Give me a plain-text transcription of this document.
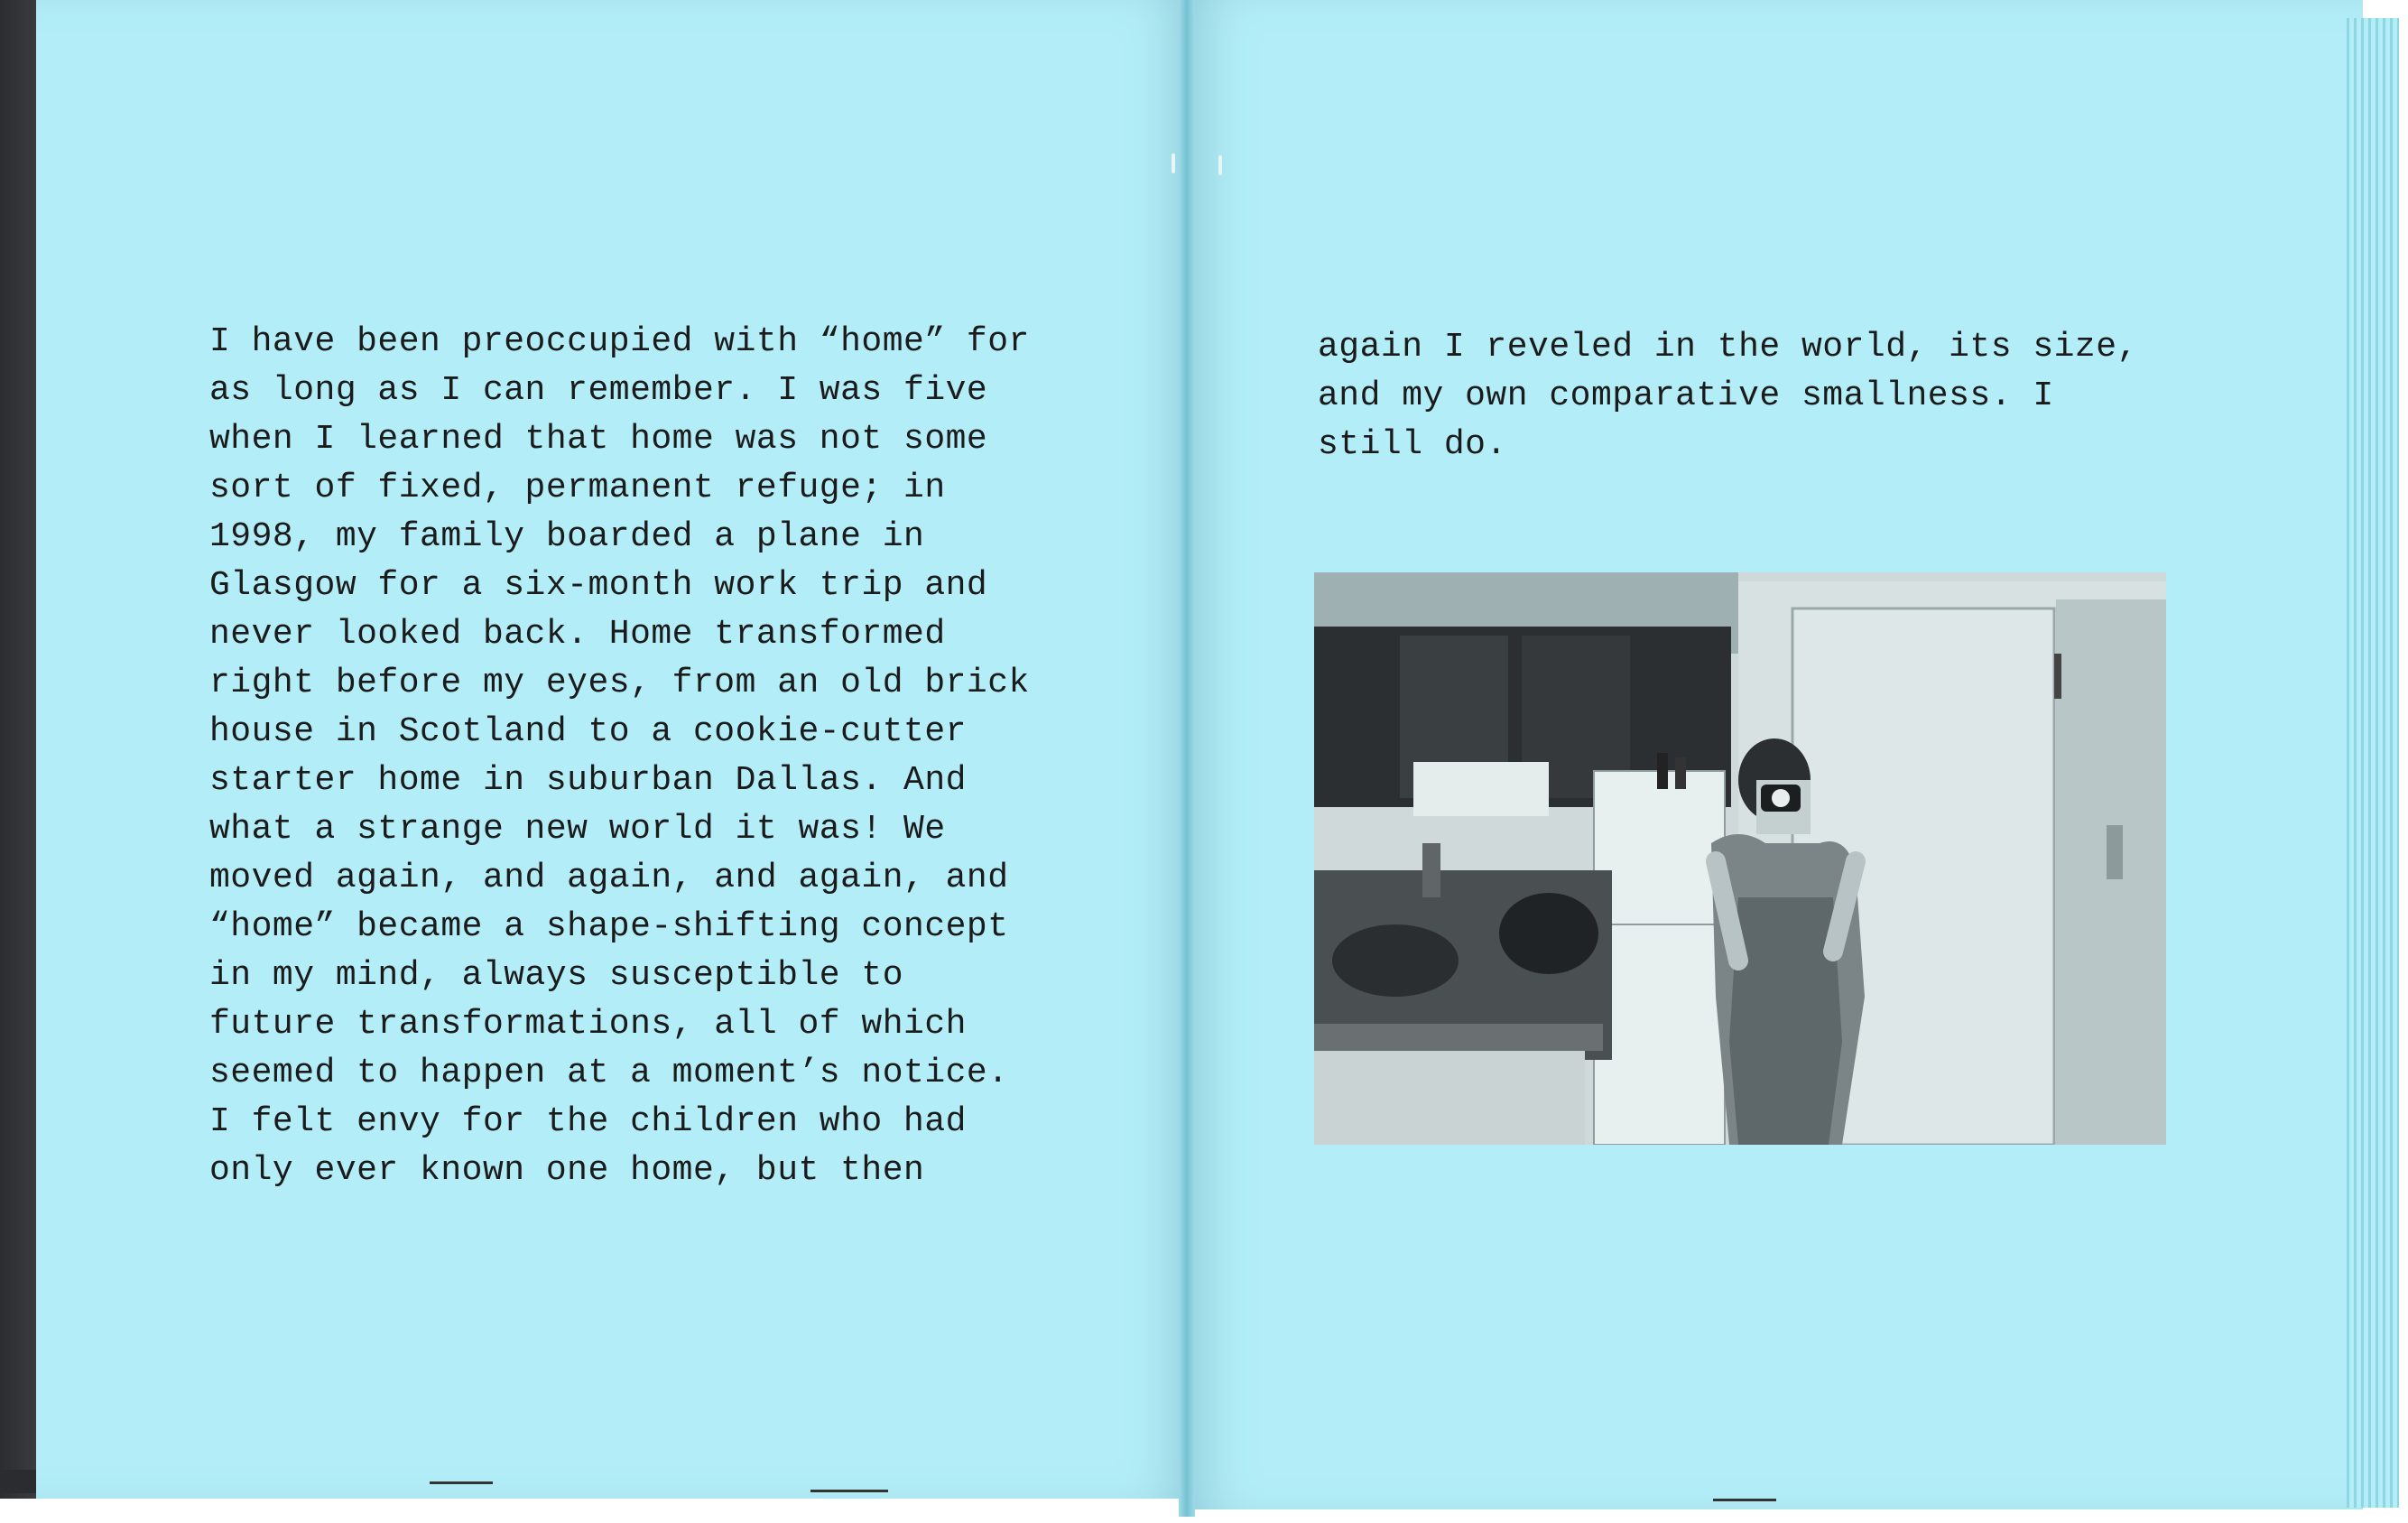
I have been preoccupied with “home” for
as long as I can remember. I was five
when I learned that home was not some
sort of fixed, permanent refuge; in
1998, my family boarded a plane in
Glasgow for a six-month work trip and
never looked back. Home transformed
right before my eyes, from an old brick
house in Scotland to a cookie-cutter
starter home in suburban Dallas. And
what a strange new world it was! We
moved again, and again, and again, and
“home” became a shape-shifting concept
in my mind, always susceptible to
future transformations, all of which
seemed to happen at a moment’s notice.
I felt envy for the children who had
only ever known one home, but then

again I reveled in the world, its size,
and my own comparative smallness. I
still do.
